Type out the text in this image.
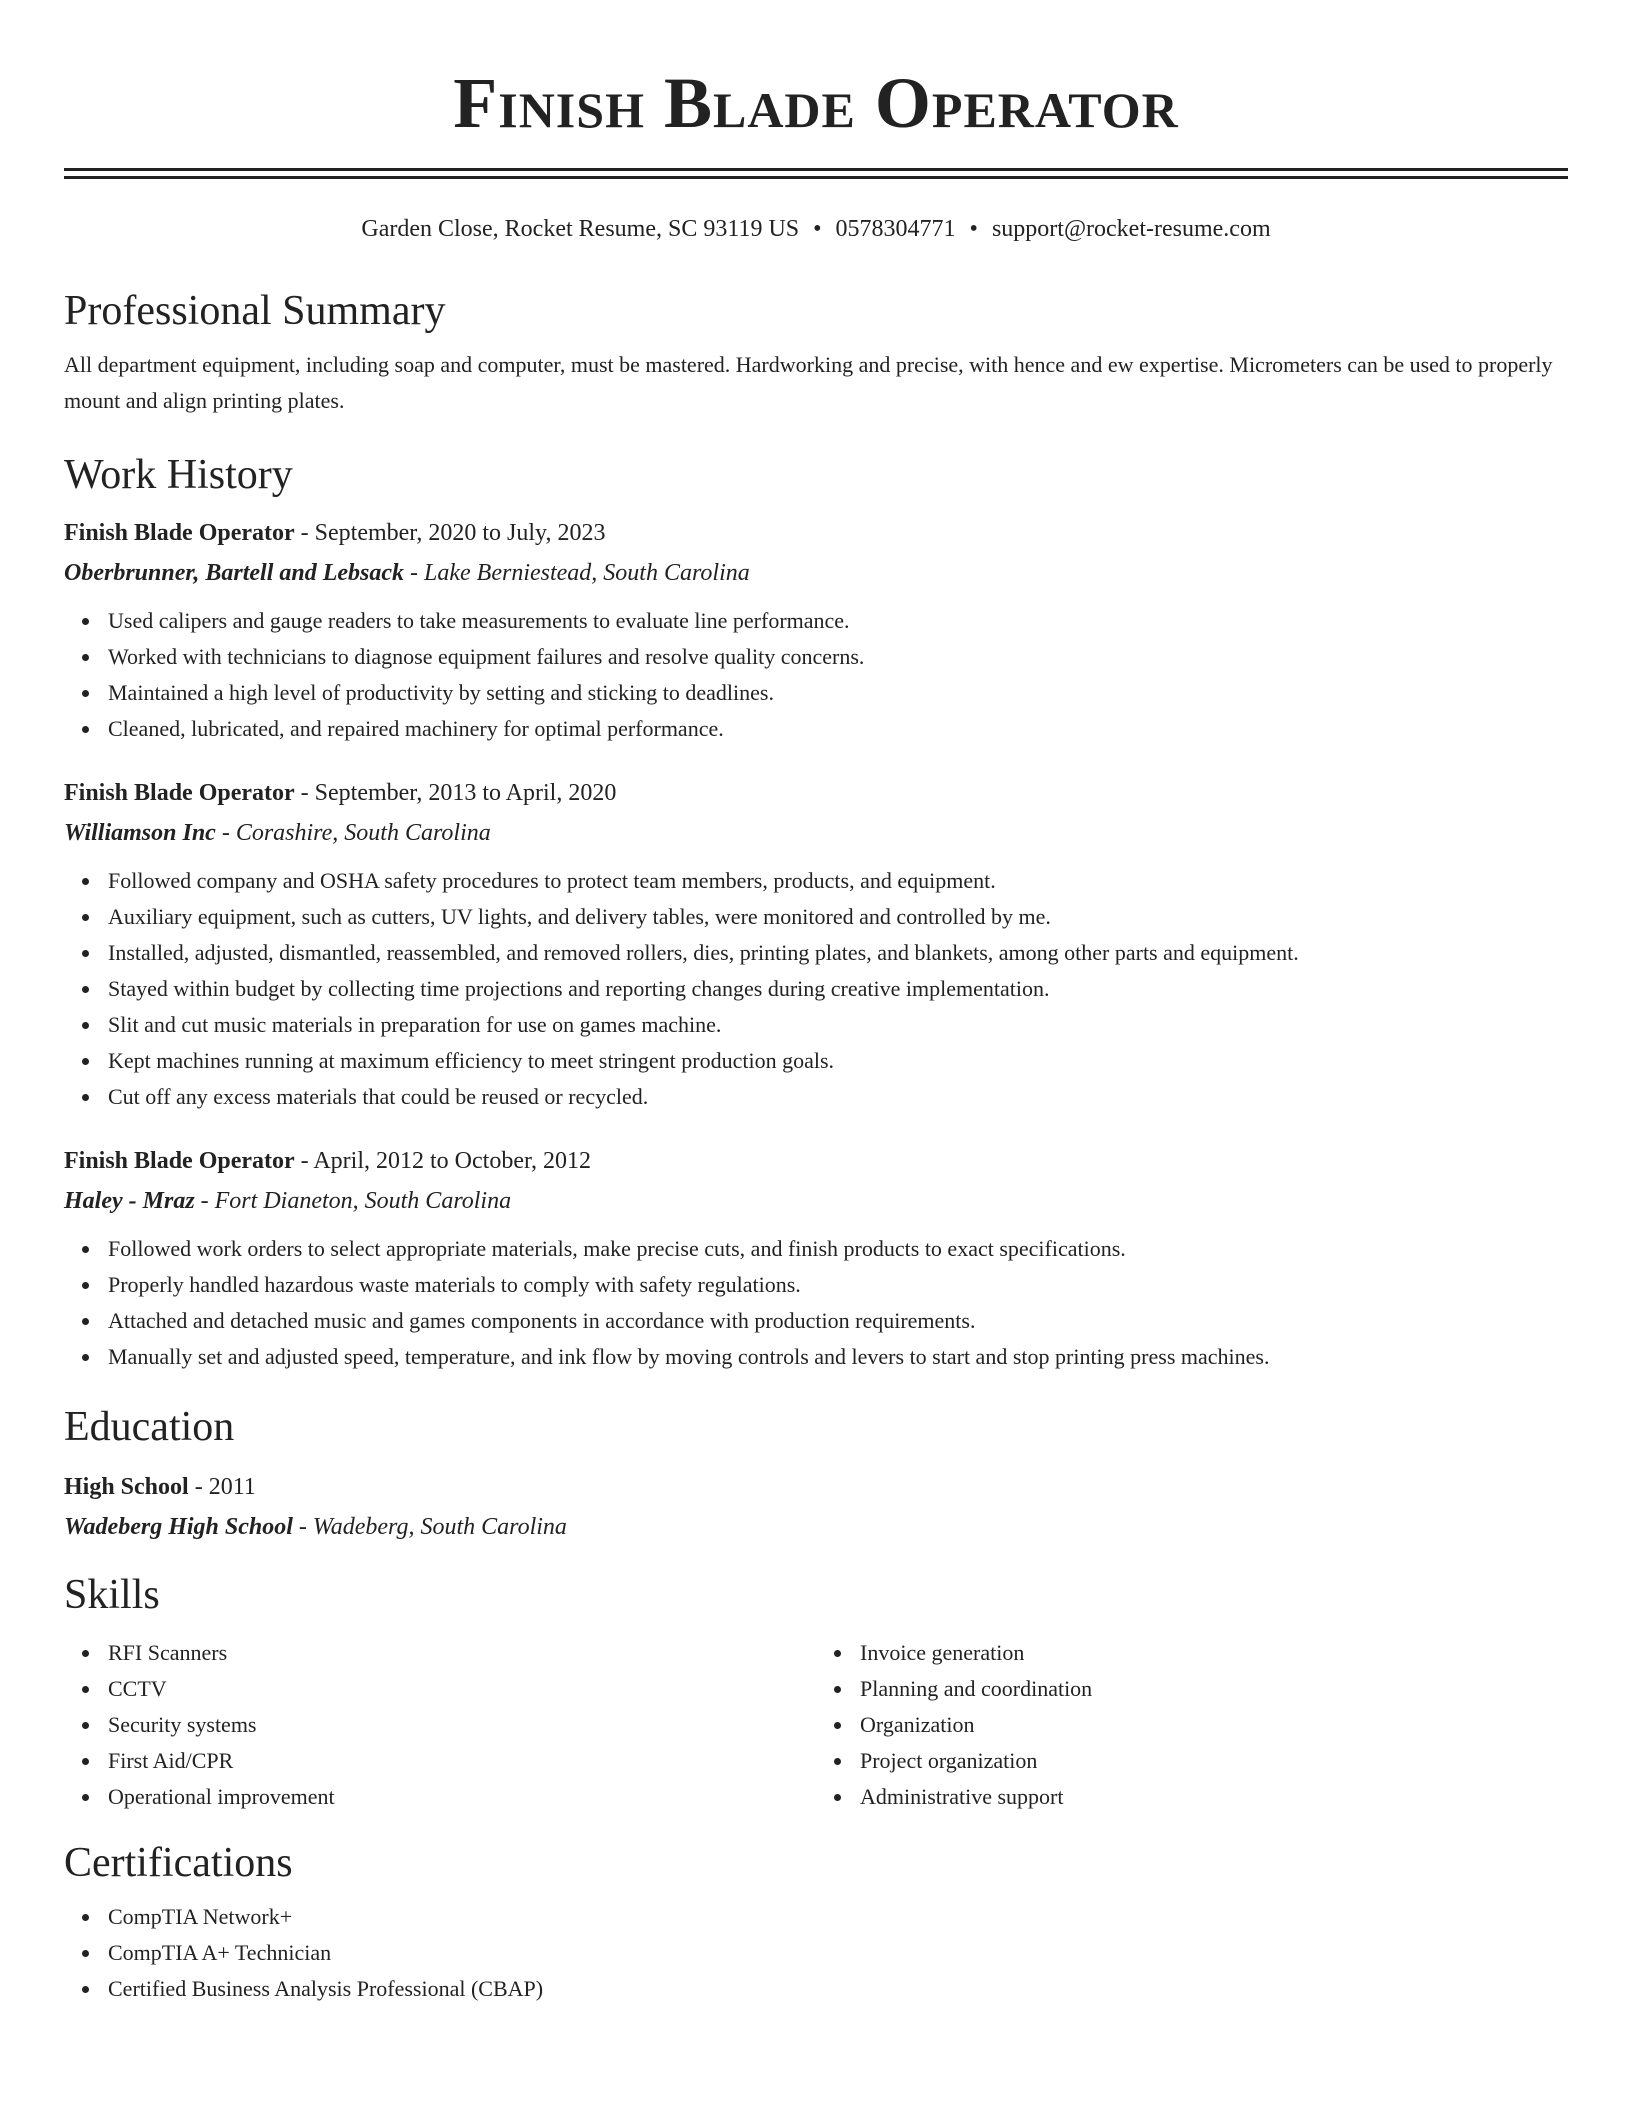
Finish Blade Operator
Garden Close, Rocket Resume, SC 93119 US • 0578304771 • support@rocket-resume.com
Professional Summary

All department equipment, including soap and computer, must be mastered. Hardworking and precise, with hence and ew expertise. Micrometers can be used to properly mount and align printing plates.

Work History
Finish Blade Operator - September, 2020 to July, 2023
Oberbrunner, Bartell and Lebsack - Lake Berniestead, South Carolina
Used calipers and gauge readers to take measurements to evaluate line performance.
Worked with technicians to diagnose equipment failures and resolve quality concerns.
Maintained a high level of productivity by setting and sticking to deadlines.
Cleaned, lubricated, and repaired machinery for optimal performance.
Finish Blade Operator - September, 2013 to April, 2020
Williamson Inc - Corashire, South Carolina
Followed company and OSHA safety procedures to protect team members, products, and equipment.
Auxiliary equipment, such as cutters, UV lights, and delivery tables, were monitored and controlled by me.
Installed, adjusted, dismantled, reassembled, and removed rollers, dies, printing plates, and blankets, among other parts and equipment.
Stayed within budget by collecting time projections and reporting changes during creative implementation.
Slit and cut music materials in preparation for use on games machine.
Kept machines running at maximum efficiency to meet stringent production goals.
Cut off any excess materials that could be reused or recycled.
Finish Blade Operator - April, 2012 to October, 2012
Haley - Mraz - Fort Dianeton, South Carolina
Followed work orders to select appropriate materials, make precise cuts, and finish products to exact specifications.
Properly handled hazardous waste materials to comply with safety regulations.
Attached and detached music and games components in accordance with production requirements.
Manually set and adjusted speed, temperature, and ink flow by moving controls and levers to start and stop printing press machines.
Education
High School - 2011
Wadeberg High School - Wadeberg, South Carolina
Skills
RFI Scanners
CCTV
Security systems
First Aid/CPR
Operational improvement
Invoice generation
Planning and coordination
Organization
Project organization
Administrative support
Certifications
CompTIA Network+
CompTIA A+ Technician
Certified Business Analysis Professional (CBAP)
